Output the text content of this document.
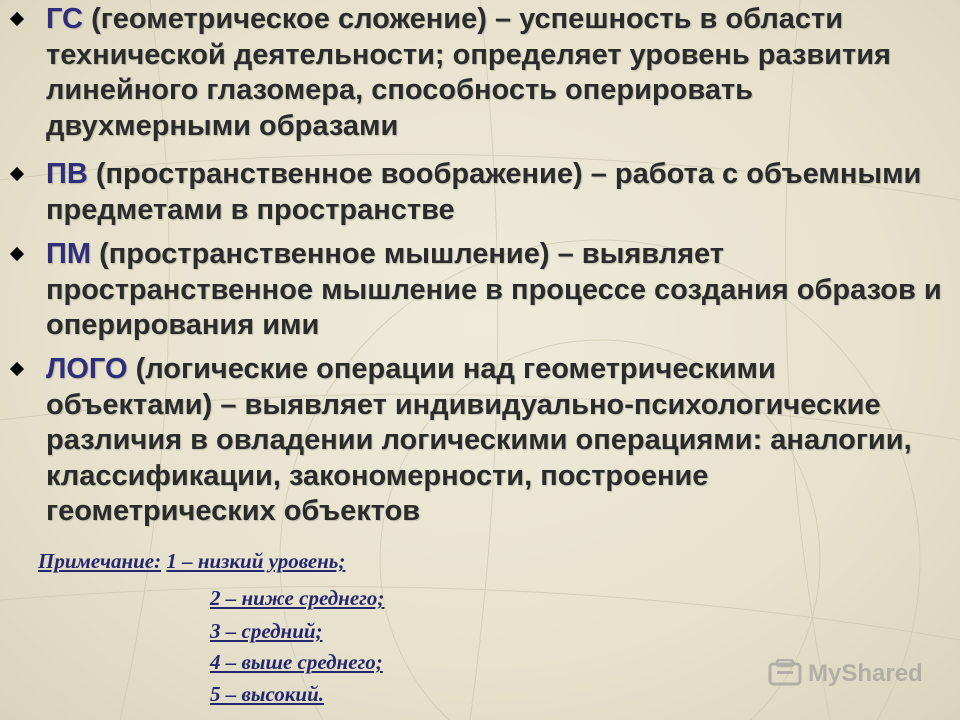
ГС (геометрическое сложение) – успешность в области технической деятельности; определяет уровень развития линейного глазомера, способность оперировать двухмерными образами
ПВ (пространственное воображение) – работа с объемными предметами в пространстве
ПМ (пространственное мышление) – выявляет пространственное мышление в процессе создания образов и оперирования ими
ЛОГО (логические операции над геометрическими объектами) – выявляет индивидуально-психологические различия в овладении логическими операциями: аналогии, классификации, закономерности, построение геометрических объектов
Примечание: 1 – низкий уровень;
2 – ниже среднего;
3 – средний;
4 – выше среднего;
5 – высокий.
MyShared
